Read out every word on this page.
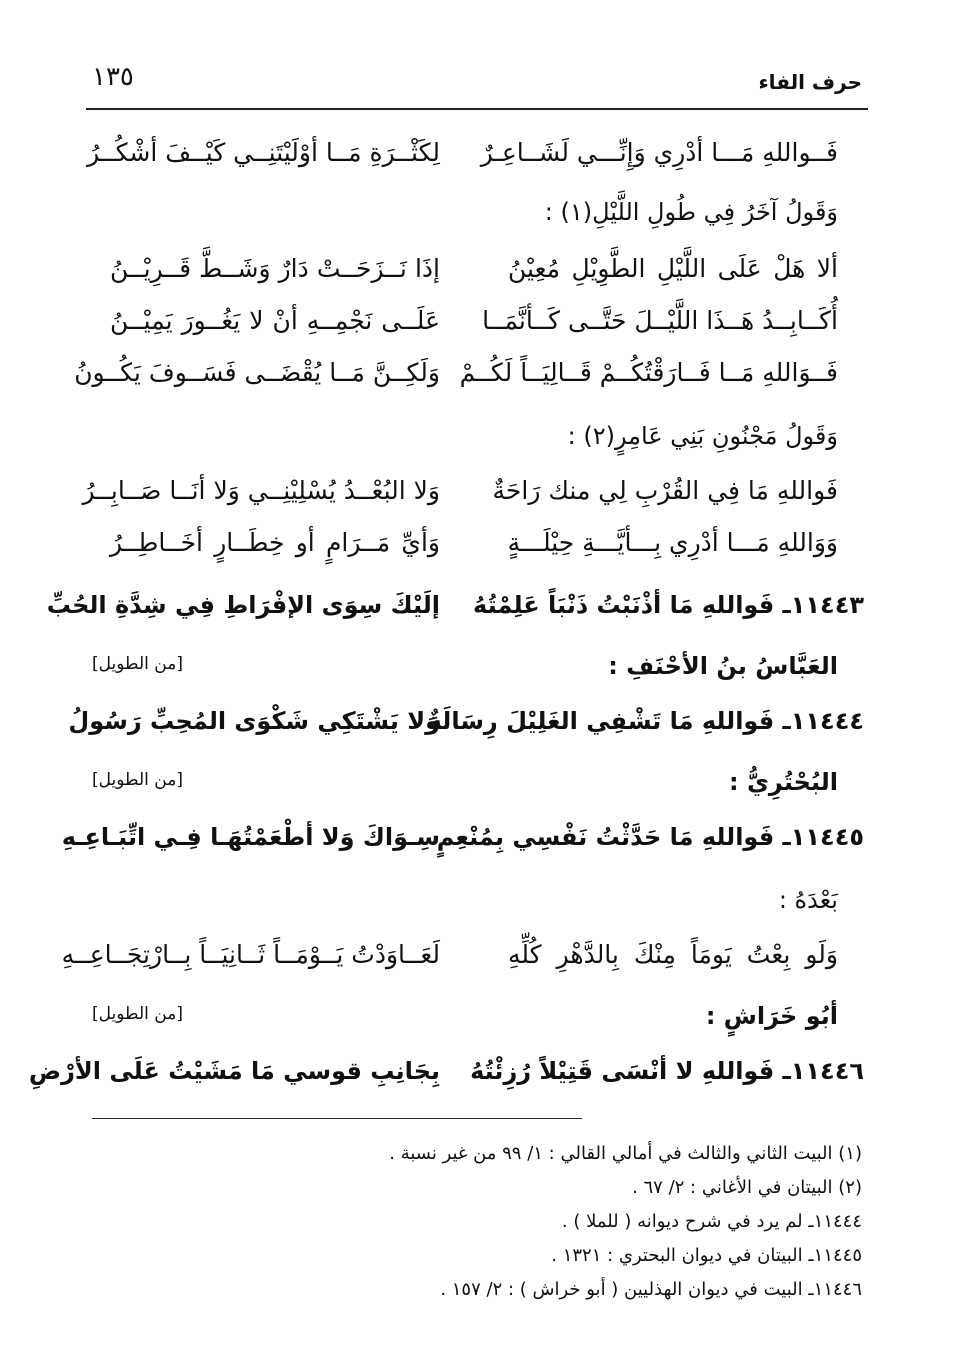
حرف الفاء
١٣٥
فَــواللهِ مَـــا أدْرِي وَإِنِّـــي لَشَــاعِـرٌ
لِكَثْــرَةِ مَــا أوْلَيْتَنِــي كَيْــفَ أشْكُــرُ
وَقَولُ آخَرُ فِي طُولِ اللَّيْلِ(١) :
ألا هَلْ عَلَى اللَّيْلِ الطَّوِيْلِ مُعِيْنُ
إذَا نَــزَحَــتْ دَارٌ وَشَــطَّ قَــرِيْــنُ
أُكَــابِــدُ هَــذَا اللَّيْــلَ حَتَّــى كَــأنَّمَــا
عَلَــى نَجْمِــهِ أنْ لا يَغُــورَ يَمِيْــنُ
فَــوَاللهِ مَــا فَــارَقْتُكُــمْ قَــالِيَــاً لَكُــمْ
وَلَكِــنَّ مَــا يُقْضَــى فَسَــوفَ يَكُــونُ
وَقَولُ مَجْنُونِ بَنِي عَامِرٍ(٢) :
فَواللهِ مَا فِي القُرْبِ لِي منك رَاحَةٌ
وَلا البُعْــدُ يُسْلِيْنِــي وَلا أنَــا صَــابِــرُ
وَوَاللهِ مَـــا أدْرِي بِـــأيَّـــةِ حِيْلَـــةٍ
وَأيِّ مَــرَامٍ أو خِطَــارٍ أخَــاطِــرُ
١١٤٤٣ـ فَواللهِ مَا أذْنَبْتُ ذَنْبَاً عَلِمْتُهُ
إلَيْكَ سِوَى الإفْرَاطِ فِي شِدَّةِ الحُبِّ
العَبَّاسُ بنُ الأحْنَفِ :
[من الطويل]
١١٤٤٤ـ فَواللهِ مَا تَشْفِي الغَلِيْلَ رِسَالَةٌ
وَلا يَشْتَكِي شَكْوَى المُحِبِّ رَسُولُ
البُحْتُرِيُّ :
[من الطويل]
١١٤٤٥ـ فَواللهِ مَا حَدَّثْتُ نَفْسِي بِمُنْعِمٍ
سِـوَاكَ وَلا أطْعَمْتُهَـا فِـي اتِّبَـاعِـهِ
بَعْدَهُ :
وَلَو بِعْتُ يَومَاً مِنْكَ بِالدَّهْرِ كُلِّهِ
لَعَــاوَدْتُ يَــوْمَــاً ثَــانِيَــاً بِــارْتِجَــاعِــهِ
أبُو خَرَاشٍ :
[من الطويل]
١١٤٤٦ـ فَواللهِ لا أنْسَى قَتِيْلاً رُزِئْتُهُ
بِجَانِبِ قوسي مَا مَشَيْتُ عَلَى الأرْضِ
(١) البيت الثاني والثالث في أمالي القالي : ١/ ٩٩ من غير نسبة .
(٢) البيتان في الأغاني : ٢/ ٦٧ .
١١٤٤٤ـ لم يرد في شرح ديوانه ( للملا ) .
١١٤٤٥ـ البيتان في ديوان البحتري : ١٣٢١ .
١١٤٤٦ـ البيت في ديوان الهذليين ( أبو خراش ) : ٢/ ١٥٧ .
